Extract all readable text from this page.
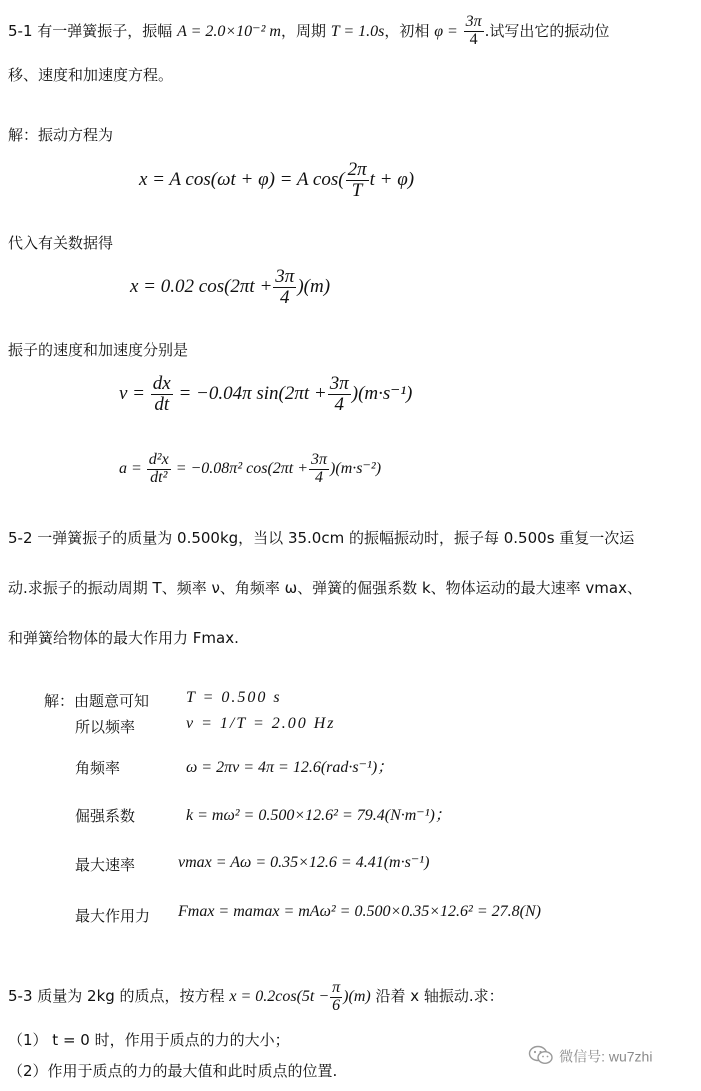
5-1 有一弹簧振子，振幅 A = 2.0×10⁻² m，周期 T = 1.0s，初相 $\varphi = \frac{3\pi}{4}$ .试写出它的振动位
移、速度和加速度方程。
解：振动方程为
x = A cos(ωt + φ) = A $\cos( \frac{2\pi}{T}$ t + φ)
代入有关数据得
x = 0.02 $\cos(2\pi t + \frac{3\pi}{4} )(m)$
振子的速度和加速度分别是
$v = \frac{dx}{dt} = -0.04\pi$ $\sin(2\pi t + \frac{3\pi}{4} )(m\cdot s^{-1})$
$a = \frac{\text{d²x}}{\text{dt²}} = -0.08\pi^2$ $\cos(2\pi t + \frac{3\pi}{4} )(m\cdot s^{-2})$
5-2 一弹簧振子的质量为 0.500kg，当以 35.0cm 的振幅振动时，振子每 0.500s 重复一次运
动.求振子的振动周期 T、频率 ν、角频率 ω、弹簧的倔强系数 k、物体运动的最大速率 vmax、
和弹簧给物体的最大作用力 Fmax.
解：由题意可知 T = 0.500 s
所以频率	ν = 1/T = 2.00 Hz
角频率	ω = 2πν = 4π = 12.6(rad·s⁻¹)；
倔强系数	k = mω² = 0.500×12.6² = 79.4(N·m⁻¹)；
最大速率	vmax = Aω = 0.35×12.6 = 4.41(m·s⁻¹)
最大作用力 Fmax = mamax = mAω² = 0.500×0.35×12.6² = 27.8(N)
5-3 质量为 2kg 的质点，按方程 $x = 0.2\cos(5t - \frac{\pi}{6} )(m)$ 沿着 x 轴振动.求：
（1） t = 0 时，作用于质点的力的大小；
（2）作用于质点的力的最大值和此时质点的位置.
微信号: wu7zhi
